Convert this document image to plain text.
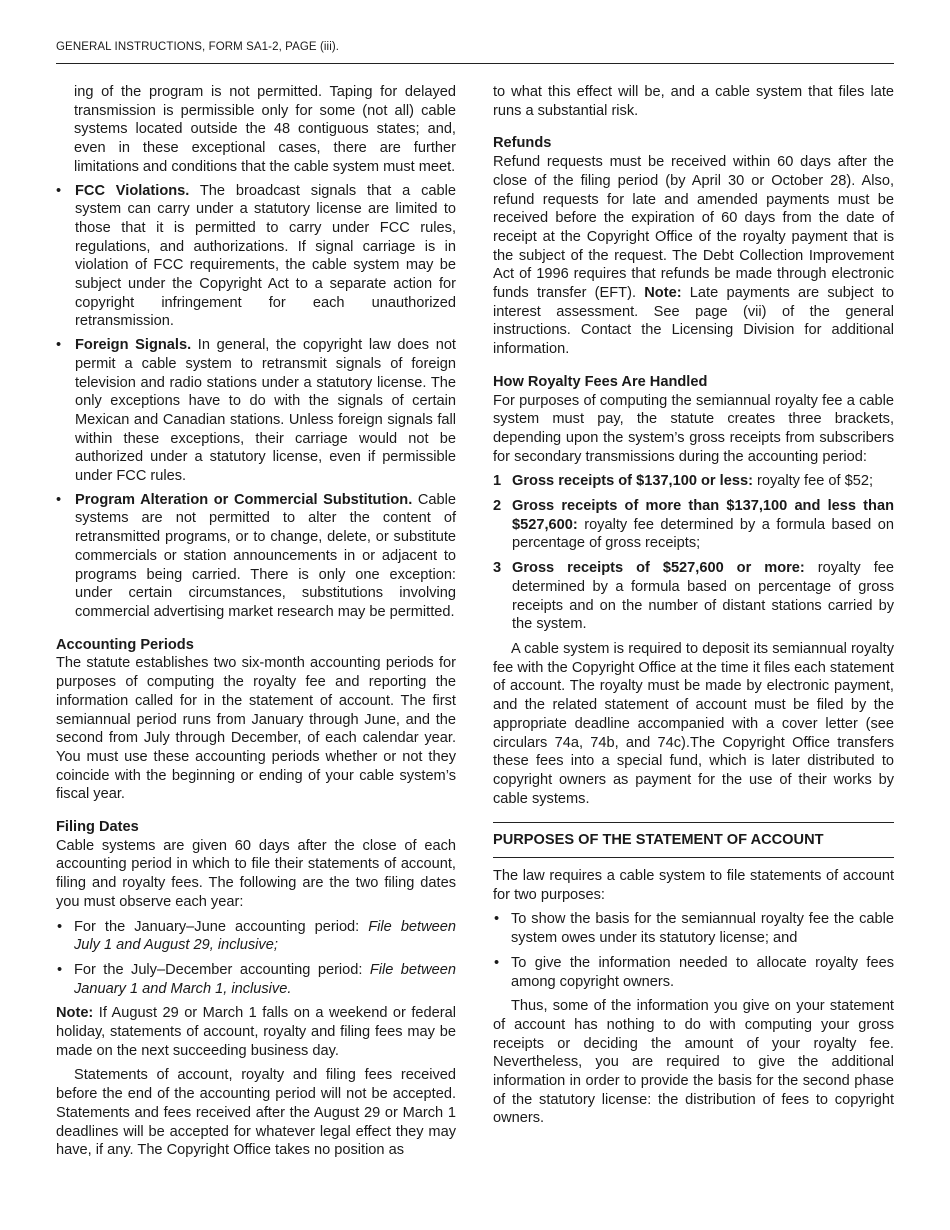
GENERAL INSTRUCTIONS, FORM SA1-2, PAGE (iii).

ing of the program is not permitted. Taping for delayed transmission is permissible only for some (not all) cable systems located outside the 48 contiguous states; and, even in these exceptional cases, there are further limitations and conditions that the cable system must meet.

• FCC Violations. The broadcast signals that a cable system can carry under a statutory license are limited to those that it is permitted to carry under FCC rules, regulations, and authorizations. If signal carriage is in violation of FCC requirements, the cable system may be subject under the Copyright Act to a separate action for copyright infringement for each unauthorized retransmission.

• Foreign Signals. In general, the copyright law does not permit a cable system to retransmit signals of foreign television and radio stations under a statutory license. The only exceptions have to do with the signals of certain Mexican and Canadian stations. Unless foreign signals fall within these exceptions, their carriage would not be authorized under a statutory license, even if permissible under FCC rules.

• Program Alteration or Commercial Substitution. Cable systems are not permitted to alter the content of retransmitted programs, or to change, delete, or substitute commercials or station announcements in or adjacent to programs being carried. There is only one exception: under certain circumstances, substitutions involving commercial advertising market research may be permitted.

Accounting Periods

The statute establishes two six-month accounting periods for purposes of computing the royalty fee and reporting the information called for in the statement of account. The first semiannual period runs from January through June, and the second from July through December, of each calendar year. You must use these accounting periods whether or not they coincide with the beginning or ending of your cable system’s fiscal year.

Filing Dates

Cable systems are given 60 days after the close of each accounting period in which to file their statements of account, filing and royalty fees. The following are the two filing dates you must observe each year:

• For the January–June accounting period: File between July 1 and August 29, inclusive;

• For the July–December accounting period: File between January 1 and March 1, inclusive.

Note: If August 29 or March 1 falls on a weekend or federal holiday, statements of account, royalty and filing fees may be made on the next succeeding business day.

Statements of account, royalty and filing fees received before the end of the accounting period will not be accepted. Statements and fees received after the August 29 or March 1 deadlines will be accepted for whatever legal effect they may have, if any. The Copyright Office takes no position as

to what this effect will be, and a cable system that files late runs a substantial risk.

Refunds

Refund requests must be received within 60 days after the close of the filing period (by April 30 or October 28). Also, refund requests for late and amended payments must be received before the expiration of 60 days from the date of receipt at the Copyright Office of the royalty payment that is the subject of the request. The Debt Collection Improvement Act of 1996 requires that refunds be made through electronic funds transfer (EFT). Note: Late payments are subject to interest assessment. See page (vii) of the general instructions. Contact the Licensing Division for additional information.

How Royalty Fees Are Handled

For purposes of computing the semiannual royalty fee a cable system must pay, the statute creates three brackets, depending upon the system’s gross receipts from subscribers for secondary transmissions during the accounting period:

1 Gross receipts of $137,100 or less: royalty fee of $52;

2 Gross receipts of more than $137,100 and less than $527,600: royalty fee determined by a formula based on percentage of gross receipts;

3 Gross receipts of $527,600 or more: royalty fee determined by a formula based on percentage of gross receipts and on the number of distant stations carried by the system.

A cable system is required to deposit its semiannual royalty fee with the Copyright Office at the time it files each statement of account. The royalty must be made by electronic payment, and the related statement of account must be filed by the appropriate deadline accompanied with a cover letter (see circulars 74a, 74b, and 74c).The Copyright Office transfers these fees into a special fund, which is later distributed to copyright owners as payment for the use of their works by cable systems.

PURPOSES OF THE STATEMENT OF ACCOUNT

The law requires a cable system to file statements of account for two purposes:

• To show the basis for the semiannual royalty fee the cable system owes under its statutory license; and

• To give the information needed to allocate royalty fees among copyright owners.

Thus, some of the information you give on your statement of account has nothing to do with computing your gross receipts or deciding the amount of your royalty fee. Nevertheless, you are required to give the additional information in order to provide the basis for the second phase of the statutory license: the distribution of fees to copyright owners.
